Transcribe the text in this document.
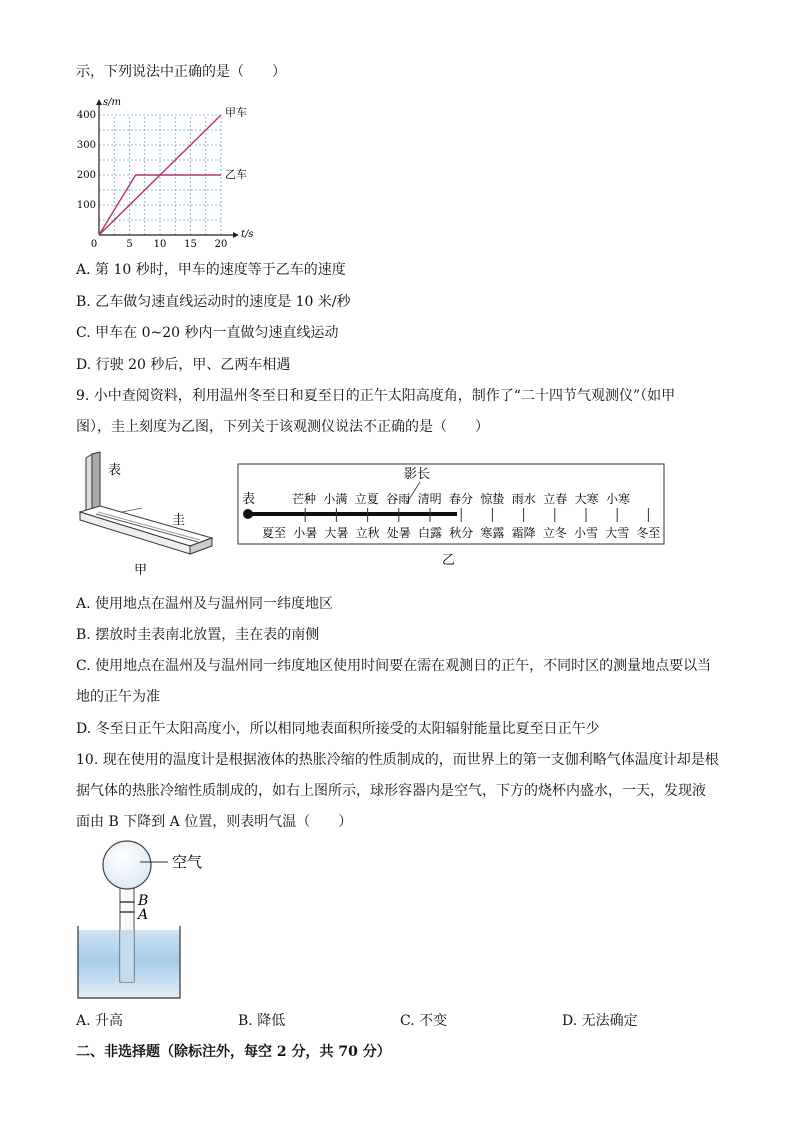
示，下列说法中正确的是（　　）
s/m
t/s
0	5 10 15 20
100
200
300
400	甲车
乙车
A. 第 10 秒时，甲车的速度等于乙车的速度
B. 乙车做匀速直线运动时的速度是 10 米/秒
C. 甲车在 0~20 秒内一直做匀速直线运动
D. 行驶 20 秒后，甲、乙两车相遇
9. 小中查阅资料，利用温州冬至日和夏至日的正午太阳高度角，制作了“二十四节气观测仪”（如甲
图），圭上刻度为乙图，下列关于该观测仪说法不正确的是（　　）
表
圭
甲
表
影长
夏至 小暑 大暑 立秋 处暑 白露 秋分 寒露 霜降 立冬 小雪 大雪 冬至
芒种 小满 立夏 谷雨 清明 春分 惊蛰 雨水 立春 大寒 小寒
乙
A. 使用地点在温州及与温州同一纬度地区
B. 摆放时圭表南北放置，圭在表的南侧
C. 使用地点在温州及与温州同一纬度地区使用时间要在需在观测日的正午，不同时区的测量地点要以当
地的正午为准
D. 冬至日正午太阳高度小，所以相同地表面积所接受的太阳辐射能量比夏至日正午少
10. 现在使用的温度计是根据液体的热胀冷缩的性质制成的，而世界上的第一支伽利略气体温度计却是根
据气体的热胀冷缩性质制成的，如右上图所示，球形容器内是空气，下方的烧杯内盛水，一天，发现液
面由 B 下降到 A 位置，则表明气温（　　）
空气
B
A
A. 升高	B. 降低	C. 不变	D. 无法确定
二、非选择题（除标注外，每空 2 分，共 70 分）
